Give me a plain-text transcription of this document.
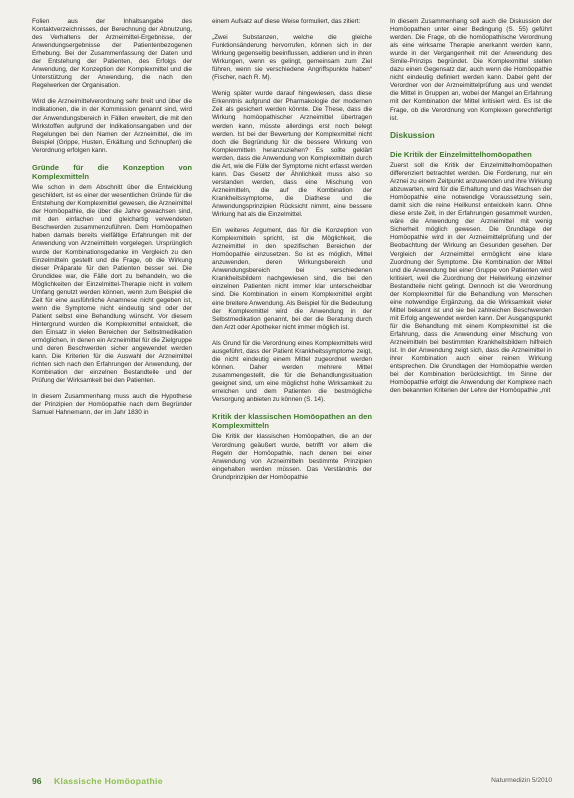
Folien aus der Inhaltsangabe des Kontaktverzeichnisses, der Berechnung der Abnutzung, des Verhaltens der Arzneimittel-Ergebnisse, der Anwendungsergebnisse der Patientenbezogenen Erhebung. Bei der Zusammenfassung der Daten und der Entstehung der Patienten, des Erfolgs der Anwendung, der Konzeption der Komplexmittel und die Unterstützung der Anwendung, die nach den Regelwerken der Organisation.

Wird die Arzneimittelverordnung sehr breit und über die Indikationen, die in der Kommission genannt sind, wird der Anwendungsbereich in Fällen erweitert, die mit den Wirkstoffen aufgrund der Indikationsangaben und der Regelungen bei den Namen der Arzneimittel, die im Beispiel (Grippe, Husten, Erkältung und Schnupfen) die Verordnung erfolgen kann.

Gründe für die Konzeption von Komplexmitteln

Wie schon in dem Abschnitt über die Entwicklung geschildert, ist es einer der wesentlichen Gründe für die Entstehung der Komplexmittel gewesen, die Arzneimittel der Homöopathie, die über die Jahre gewachsen sind, mit den einfachen und gleichartig verwendeten Beschwerden zusammenzuführen. Dem Homöopathen haben damals bereits vielfältige Erfahrungen mit der Anwendung von Arzneimitteln vorgelegen. Ursprünglich wurde der Kombinationsgedanke im Vergleich zu den Einzelmitteln gestellt und die Frage, ob die Wirkung dieser Präparate für den Patienten besser sei. Die Grundidee war, die Fälle dort zu behandeln, wo die Möglichkeiten der Einzelmittel-Therapie nicht in vollem Umfang genutzt werden können, wenn zum Beispiel die Zeit für eine ausführliche Anamnese nicht gegeben ist, wenn die Symptome nicht eindeutig sind oder der Patient selbst eine Behandlung wünscht. Vor diesem Hintergrund wurden die Komplexmittel entwickelt, die den Einsatz in vielen Bereichen der Selbstmedikation ermöglichen, in denen ein Arzneimittel für die Zielgruppe und deren Beschwerden sicher angewendet werden kann. Die Kriterien für die Auswahl der Arzneimittel richten sich nach den Erfahrungen der Anwendung, der Kombination der einzelnen Bestandteile und der Prüfung der Wirksamkeit bei den Patienten.

In diesem Zusammenhang muss auch die Hypothese der Prinzipien der Homöopathie nach dem Begründer Samuel Hahnemann, der im Jahr 1830 in

einem Aufsatz auf diese Weise formuliert, das zitiert:

„Zwei Substanzen, welche die gleiche Funktionsänderung hervorrufen, können sich in der Wirkung gegenseitig beeinflussen, addieren und in ihren Wirkungen, wenn es gelingt, gemeinsam zum Ziel führen, wenn sie verschiedene Angriffspunkte haben“ (Fischer, nach R. M).

Wenig später wurde darauf hingewiesen, dass diese Erkenntnis aufgrund der Pharmakologie der modernen Zeit als gesichert werden könnte. Die These, dass die Wirkung homöopathischer Arzneimittel übertragen werden kann, müsste allerdings erst noch belegt werden. Ist bei der Bewertung der Komplexmittel nicht doch die Begründung für die bessere Wirkung von Komplexmitteln heranzuziehen? Es sollte geklärt werden, dass die Anwendung von Komplexmitteln durch die Art, wie die Fülle der Symptome nicht erfasst werden kann. Das Gesetz der Ähnlichkeit muss also so verstanden werden, dass eine Mischung von Arzneimitteln, die auf die Kombination der Krankheitssymptome, die Diathese und die Anwendungsprinzipien Rücksicht nimmt, eine bessere Wirkung hat als die Einzelmittel.

Ein weiteres Argument, das für die Konzeption von Komplexmitteln spricht, ist die Möglichkeit, die Arzneimittel in den spezifischen Bereichen der Homöopathie einzusetzen. So ist es möglich, Mittel anzuwenden, deren Wirkungsbereich und Anwendungsbereich bei verschiedenen Krankheitsbildern nachgewiesen sind, die bei den einzelnen Patienten nicht immer klar unterscheidbar sind. Die Kombination in einem Komplexmittel ergibt eine breitere Anwendung. Als Beispiel für die Bedeutung der Komplexmittel wird die Anwendung in der Selbstmedikation genannt, bei der die Beratung durch den Arzt oder Apotheker nicht immer möglich ist.

Als Grund für die Verordnung eines Komplexmittels wird ausgeführt, dass der Patient Krankheitssymptome zeigt, die nicht eindeutig einem Mittel zugeordnet werden können. Daher werden mehrere Mittel zusammengestellt, die für die Behandlungssituation geeignet sind, um eine möglichst hohe Wirksamkeit zu erreichen und dem Patienten die bestmögliche Versorgung anbieten zu können (S. 14).

Kritik der klassischen Homöopathen an den Komplexmitteln

Die Kritik der klassischen Homöopathen, die an der Verordnung geäußert wurde, betrifft vor allem die Regeln der Homöopathie, nach denen bei einer Anwendung von Arzneimitteln bestimmte Prinzipien eingehalten werden müssen. Das Verständnis der Grundprinzipien der Homöopathie

In diesem Zusammenhang soll auch die Diskussion der Homöopathen unter einer Bedingung (S. 55) geführt werden. Die Frage, ob die homöopathische Verordnung als eine wirksame Therapie anerkannt werden kann, wurde in der Vergangenheit mit der Anwendung des Simile-Prinzips begründet. Die Komplexmittel stellen dazu einen Gegensatz dar, auch wenn die Homöopathie nicht eindeutig definiert werden kann. Dabei geht der Verordner von der Arzneimittelprüfung aus und wendet die Mittel in Gruppen an, wobei der Mangel an Erfahrung mit der Kombination der Mittel kritisiert wird. Es ist die Frage, ob die Verordnung von Komplexen gerechtfertigt ist.

Diskussion
Die Kritik der Einzelmittelhomöopathen

Zuerst soll die Kritik der Einzelmittelhomöopathen differenziert betrachtet werden. Die Forderung, nur ein Arznei zu einem Zeitpunkt anzuwenden und ihre Wirkung abzuwarten, wird für die Erhaltung und das Wachsen der Homöopathie eine notwendige Voraussetzung sein, damit sich die reine Heilkunst entwickeln kann. Ohne diese erste Zeit, in der Erfahrungen gesammelt wurden, wäre die Anwendung der Arzneimittel mit wenig Sicherheit möglich gewesen. Die Grundlage der Homöopathie wird in der Arzneimittelprüfung und der Beobachtung der Wirkung an Gesunden gesehen. Der Vergleich der Arzneimittel ermöglicht eine klare Zuordnung der Symptome. Die Kombination der Mittel und die Anwendung bei einer Gruppe von Patienten wird kritisiert, weil die Zuordnung der Heilwirkung einzelner Bestandteile nicht gelingt. Dennoch ist die Verordnung der Komplexmittel für die Behandlung von Menschen eine notwendige Ergänzung, da die Wirksamkeit vieler Mittel bekannt ist und sie bei zahlreichen Beschwerden mit Erfolg angewendet werden kann. Der Ausgangspunkt für die Behandlung mit einem Komplexmittel ist die Erfahrung, dass die Anwendung einer Mischung von Arzneimitteln bei bestimmten Krankheitsbildern hilfreich ist. In der Anwendung zeigt sich, dass die Arzneimittel in ihrer Kombination auch einer reinen Wirkung entsprechen. Die Grundlagen der Homöopathie werden bei der Kombination berücksichtigt. Im Sinne der Homöopathie erfolgt die Anwendung der Komplexe nach den bekannten Kriterien der Lehre der Homöopathie „mit

96 Klassische Homöopathie	Naturmedizin 5/2010
